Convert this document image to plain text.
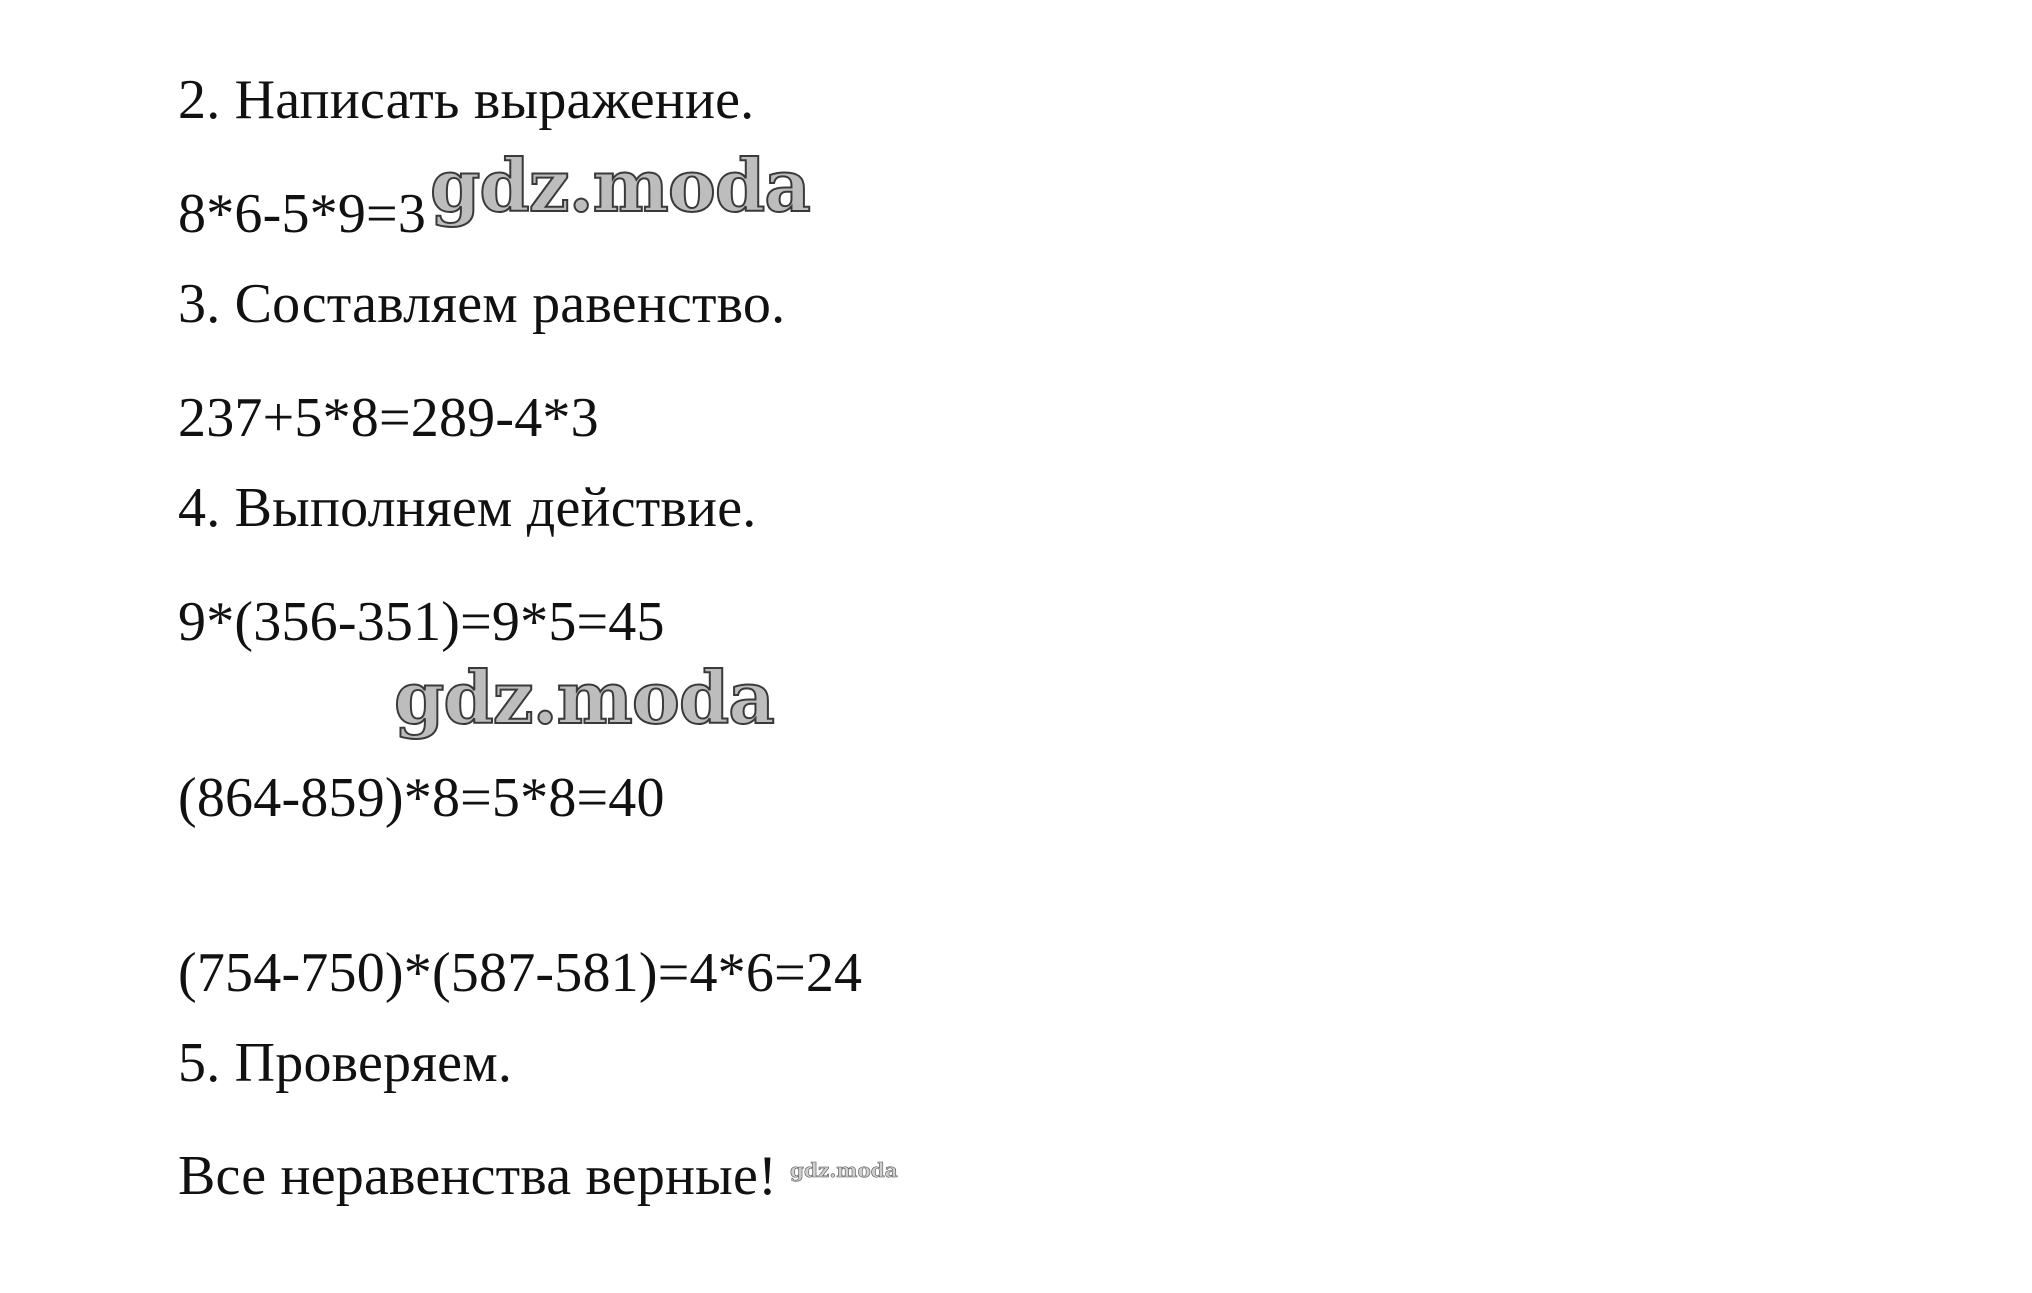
2. Написать выражение.
8*6-5*9=3
3. Составляем равенство.
237+5*8=289-4*3
4. Выполняем действие.
9*(356-351)=9*5=45
(864-859)*8=5*8=40
(754-750)*(587-581)=4*6=24
5. Проверяем.
Все неравенства верные!
gdz.moda
gdz.moda
gdz.moda
